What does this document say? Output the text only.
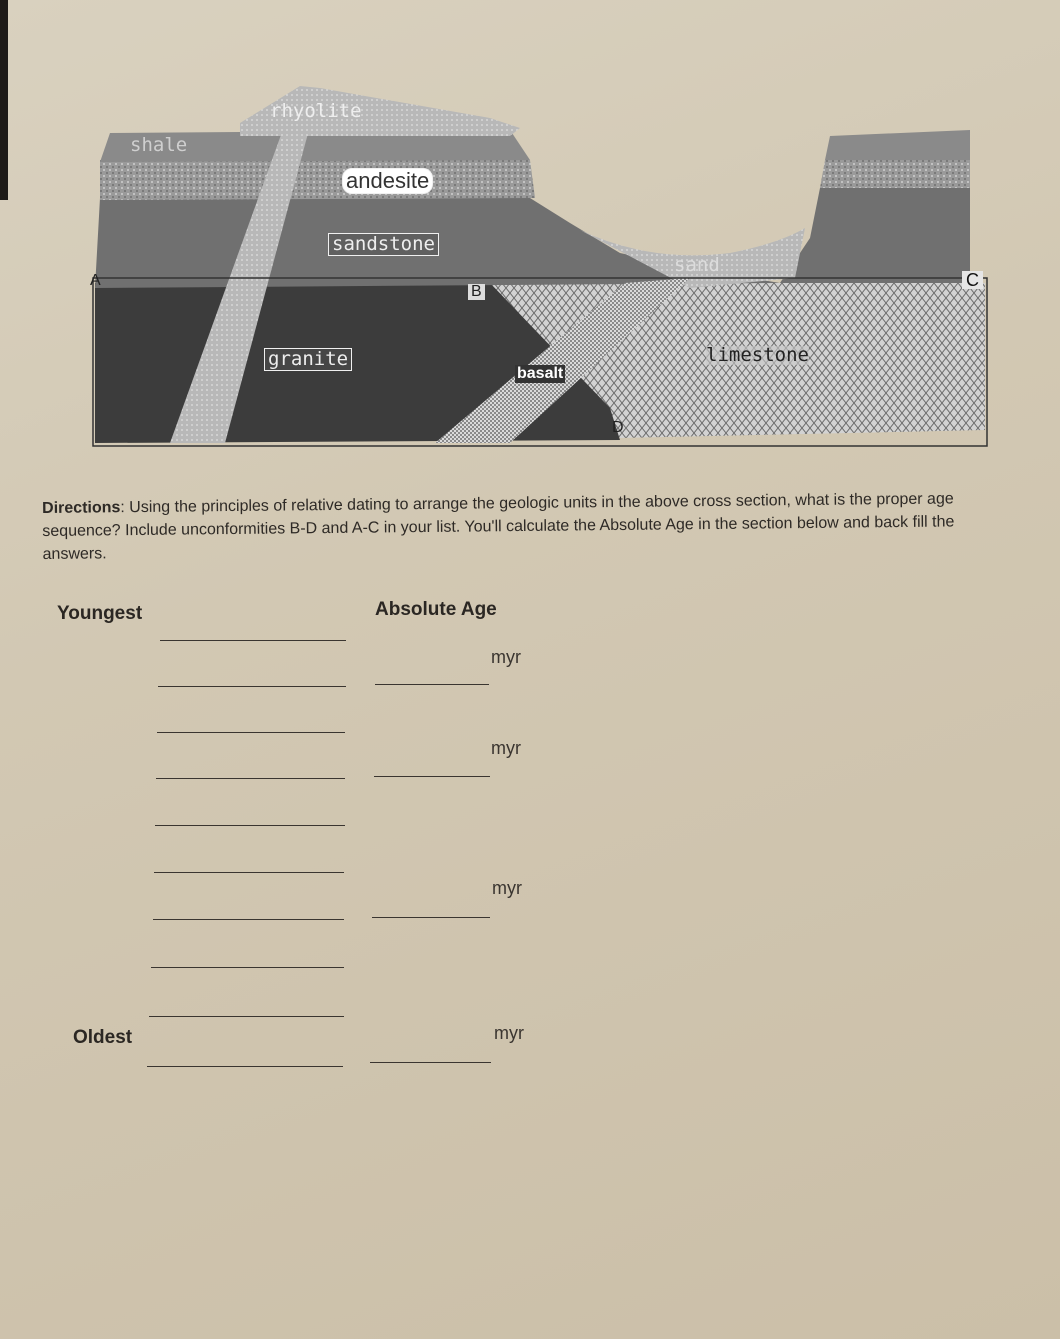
rhyolite
shale
andesite
sandstone
sand
granite
basalt
limestone
A
B
C
D
Directions: Using the principles of relative dating to arrange the geologic units in the above cross section, what is the proper age sequence? Include unconformities B-D and A-C in your list. You'll calculate the Absolute Age in the section below and back fill the answers.
Youngest	Absolute Age
Oldest
myr
myr
myr
myr
